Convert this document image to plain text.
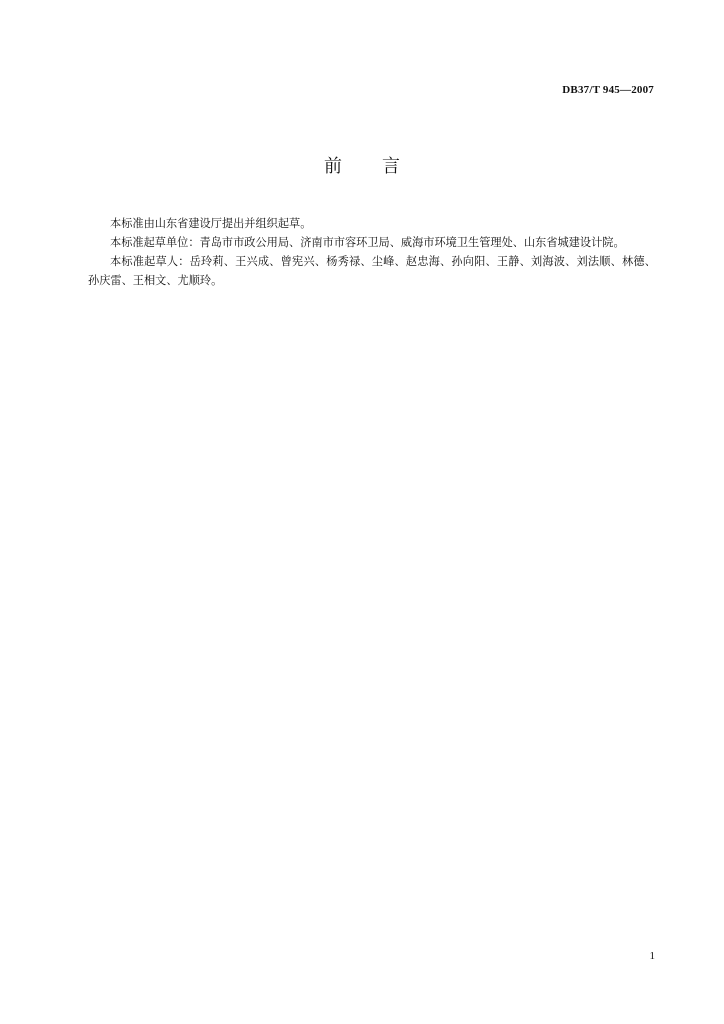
DB37/T 945—2007
前 言

本标准由山东省建设厅提出并组织起草。

本标准起草单位：青岛市市政公用局、济南市市容环卫局、威海市环境卫生管理处、山东省城建设计院。

本标准起草人：岳玲莉、王兴成、曾宪兴、杨秀禄、尘峰、赵忠海、孙向阳、王静、刘海波、刘法顺、林德、孙庆雷、王相文、尤顺玲。

1
